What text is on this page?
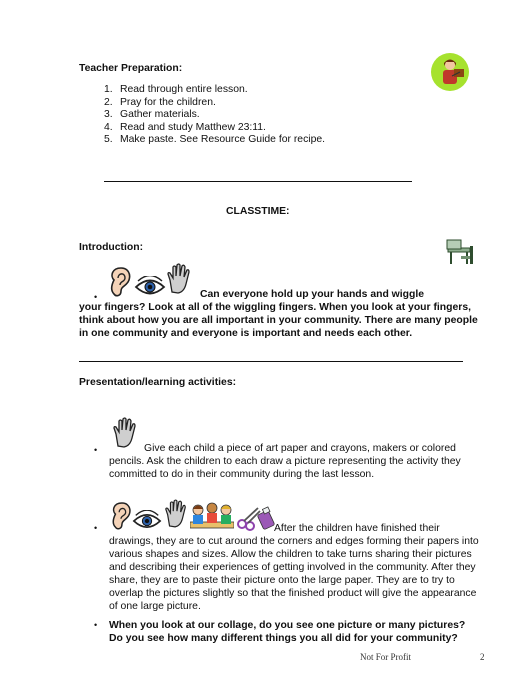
Teacher Preparation:
1. Read through entire lesson.
2. Pray for the children.
3. Gather materials.
4. Read and study Matthew 23:11.
5. Make paste. See Resource Guide for recipe.
CLASSTIME:
Introduction:
•	Can everyone hold up your hands and wiggle
your fingers? Look at all of the wiggling fingers. When you look at your fingers,
think about how you are all important in your community. There are many people
in one community and everyone is important and needs each other.
Presentation/learning activities:
•	Give each child a piece of art paper and crayons, makers or colored
pencils. Ask the children to each draw a picture representing the activity they
committed to do in their community during the last lesson.
•	After the children have finished their
drawings, they are to cut around the corners and edges forming their papers into
various shapes and sizes. Allow the children to take turns sharing their pictures
and describing their experiences of getting involved in the community. After they
share, they are to paste their picture onto the large paper. They are to try to
overlap the pictures slightly so that the finished product will give the appearance
of one large picture.
• When you look at our collage, do you see one picture or many pictures?
Do you see how many different things you all did for your community?
Not For Profit	2
